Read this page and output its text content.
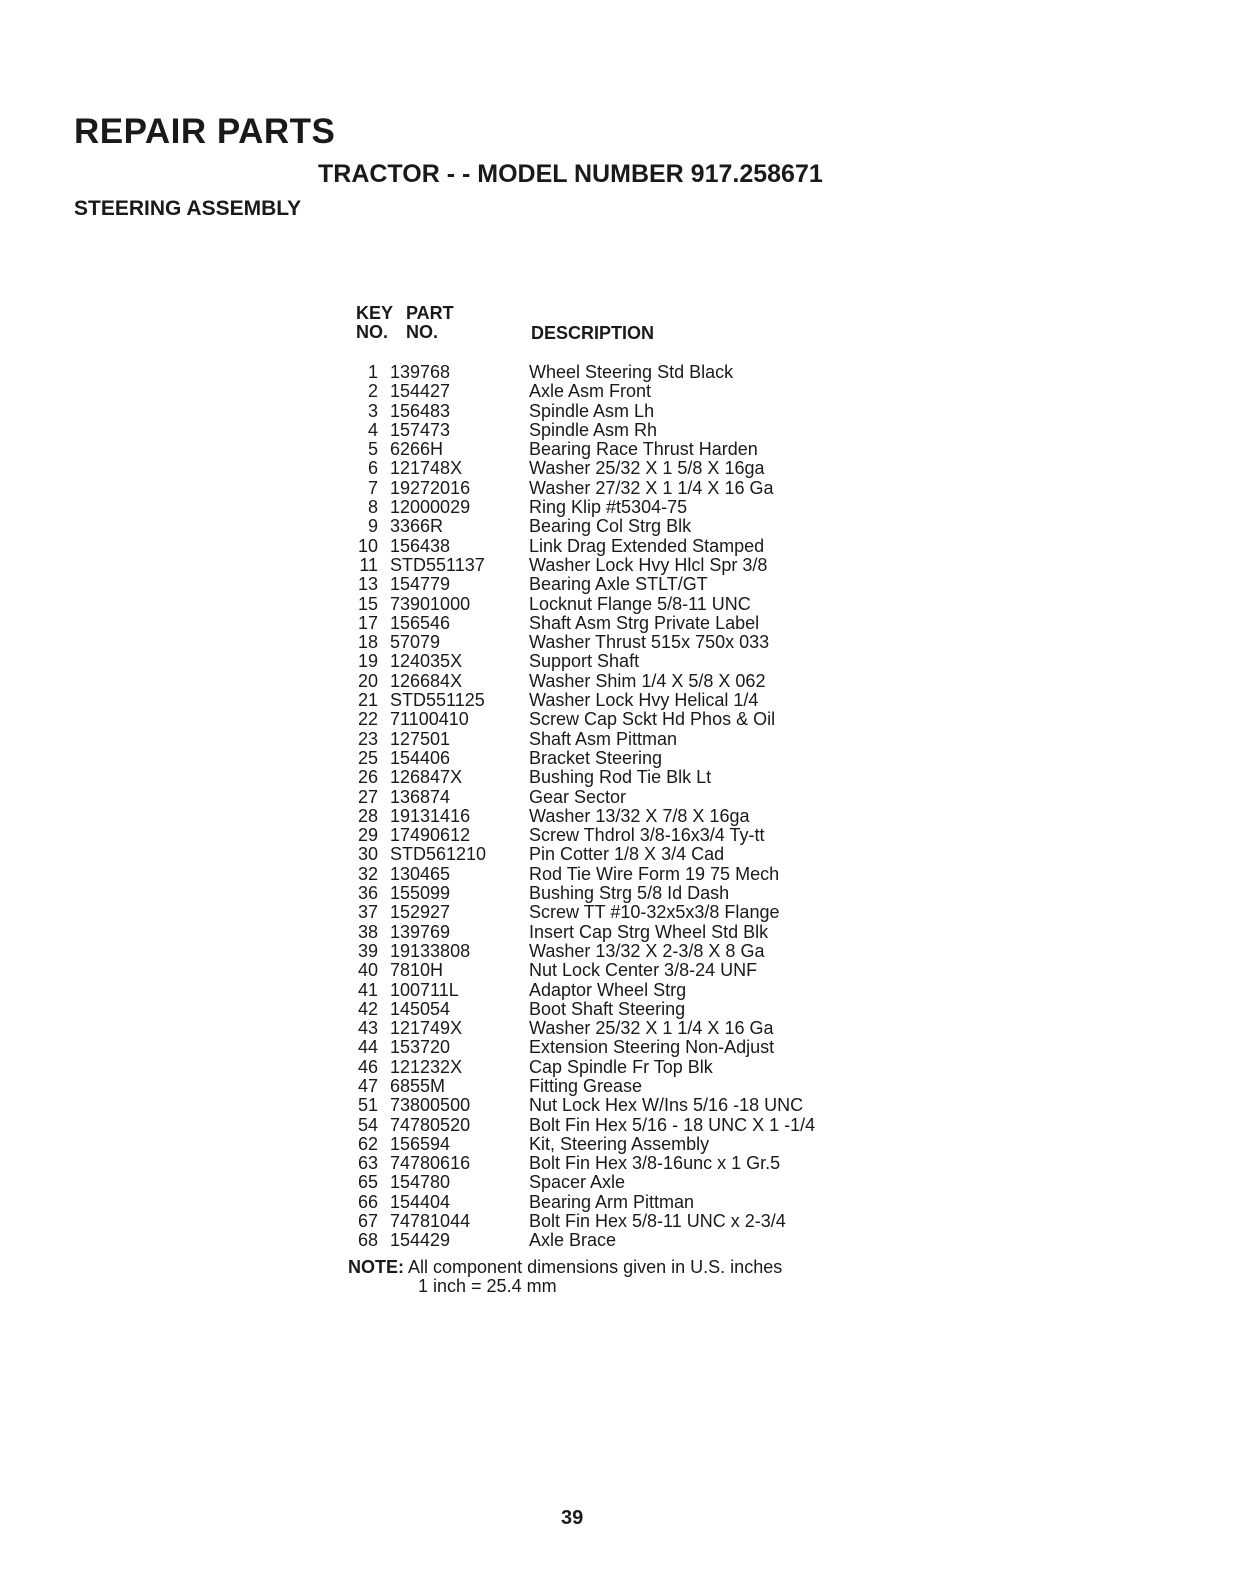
REPAIR PARTS
TRACTOR - - MODEL NUMBER 917.258671
STEERING ASSEMBLY
KEY
NO.
PART
NO.	DESCRIPTION
1 139768	Wheel Steering Std Black
2 154427	Axle Asm Front
3 156483	Spindle Asm Lh
4 157473	Spindle Asm Rh
5 6266H	Bearing Race Thrust Harden
6 121748X	Washer 25/32 X 1 5/8 X 16ga
7 19272016	Washer 27/32 X 1 1/4 X 16 Ga
8 12000029	Ring Klip #t5304-75
9 3366R	Bearing Col Strg Blk
10 156438	Link Drag Extended Stamped
11 STD551137 Washer Lock Hvy Hlcl Spr 3/8
13 154779	Bearing Axle STLT/GT
15 73901000	Locknut Flange 5/8-11 UNC
17 156546	Shaft Asm Strg Private Label
18 57079	Washer Thrust 515x 750x 033
19 124035X	Support Shaft
20 126684X	Washer Shim 1/4 X 5/8 X 062
21 STD551125 Washer Lock Hvy Helical 1/4
22 71100410	Screw Cap Sckt Hd Phos & Oil
23 127501	Shaft Asm Pittman
25 154406	Bracket Steering
26 126847X	Bushing Rod Tie Blk Lt
27 136874	Gear Sector
28 19131416	Washer 13/32 X 7/8 X 16ga
29 17490612	Screw Thdrol 3/8-16x3/4 Ty-tt
30 STD561210 Pin Cotter 1/8 X 3/4 Cad
32 130465	Rod Tie Wire Form 19 75 Mech
36 155099	Bushing Strg 5/8 Id Dash
37 152927	Screw TT #10-32x5x3/8 Flange
38 139769	Insert Cap Strg Wheel Std Blk
39 19133808	Washer 13/32 X 2-3/8 X 8 Ga
40 7810H	Nut Lock Center 3/8-24 UNF
41 100711L	Adaptor Wheel Strg
42 145054	Boot Shaft Steering
43 121749X	Washer 25/32 X 1 1/4 X 16 Ga
44 153720	Extension Steering Non-Adjust
46 121232X	Cap Spindle Fr Top Blk
47 6855M	Fitting Grease
51 73800500	Nut Lock Hex W/Ins 5/16 -18 UNC
54 74780520	Bolt Fin Hex 5/16 - 18 UNC X 1 -1/4
62 156594	Kit, Steering Assembly
63 74780616	Bolt Fin Hex 3/8-16unc x 1 Gr.5
65 154780	Spacer Axle
66 154404	Bearing Arm Pittman
67 74781044	Bolt Fin Hex 5/8-11 UNC x 2-3/4
68 154429	Axle Brace
NOTE: All component dimensions given in U.S. inches
1 inch = 25.4 mm
39
